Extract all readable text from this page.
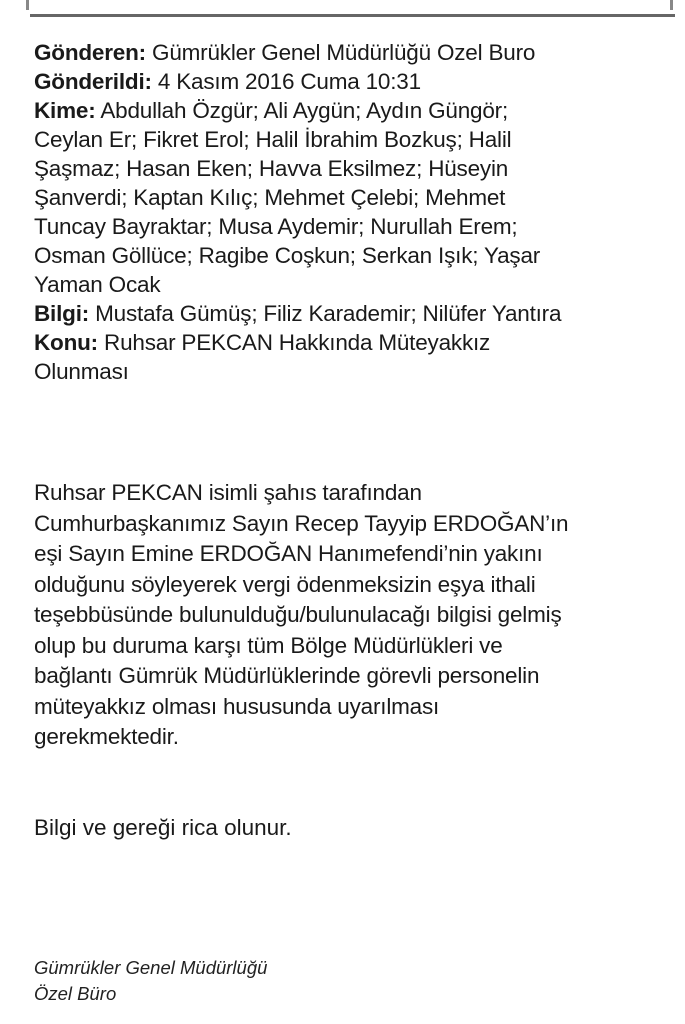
Gönderen: Gümrükler Genel Müdürlüğü Ozel Buro

Gönderildi: 4 Kasım 2016 Cuma 10:31

Kime: Abdullah Özgür; Ali Aygün; Aydın Güngör;
Ceylan Er; Fikret Erol; Halil İbrahim Bozkuş; Halil
Şaşmaz; Hasan Eken; Havva Eksilmez; Hüseyin
Şanverdi; Kaptan Kılıç; Mehmet Çelebi; Mehmet
Tuncay Bayraktar; Musa Aydemir; Nurullah Erem;
Osman Göllüce; Ragibe Coşkun; Serkan Işık; Yaşar
Yaman Ocak

Bilgi: Mustafa Gümüş; Filiz Karademir; Nilüfer Yantıra

Konu: Ruhsar PEKCAN Hakkında Müteyakkız
Olunması
Ruhsar PEKCAN isimli şahıs tarafından
Cumhurbaşkanımız Sayın Recep Tayyip ERDOĞAN’ın
eşi Sayın Emine ERDOĞAN Hanımefendi’nin yakını
olduğunu söyleyerek vergi ödenmeksizin eşya ithali
teşebbüsünde bulunulduğu/bulunulacağı bilgisi gelmiş
olup bu duruma karşı tüm Bölge Müdürlükleri ve
bağlantı Gümrük Müdürlüklerinde görevli personelin
müteyakkız olması hususunda uyarılması
gerekmektedir.

Bilgi ve gereği rica olunur.

Gümrükler Genel Müdürlüğü
Özel Büro
